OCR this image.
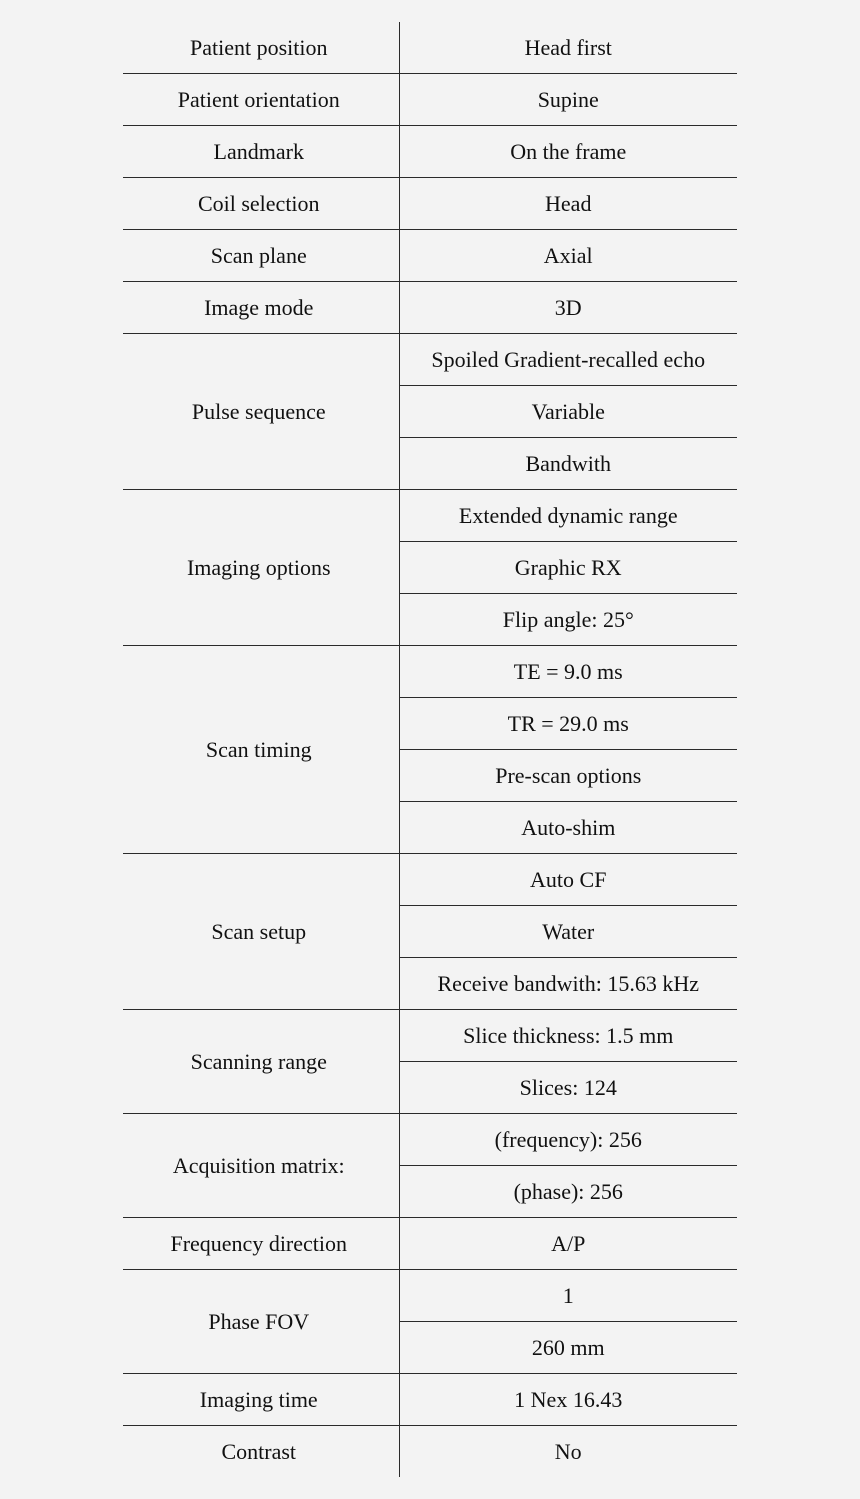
Patient position	Head first
Patient orientation	Supine
Landmark	On the frame
Coil selection	Head
Scan plane	Axial
Image mode	3D
Pulse sequence	Spoiled Gradient-recalled echo
	Variable
	Bandwith
Imaging options	Extended dynamic range
	Graphic RX
	Flip angle: 25°
Scan timing	TE = 9.0 ms
	TR = 29.0 ms
	Pre-scan options
	Auto-shim
Scan setup	Auto CF
	Water
	Receive bandwith: 15.63 kHz
Scanning range	Slice thickness: 1.5 mm
	Slices: 124
Acquisition matrix:	(frequency): 256
	(phase): 256
Frequency direction	A/P
Phase FOV	1
	260 mm
Imaging time	1 Nex 16.43
Contrast	No
